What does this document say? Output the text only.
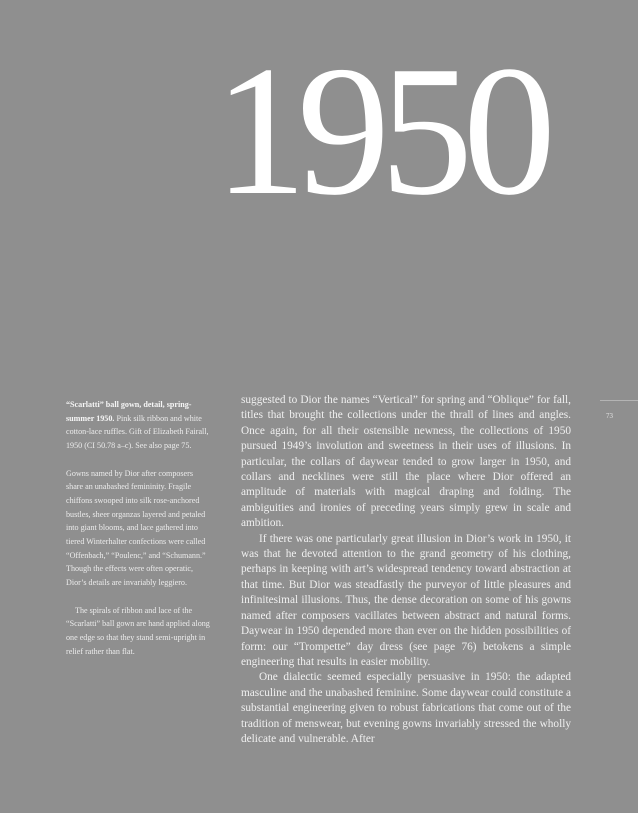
1950

“Scarlatti” ball gown, detail, spring-summer 1950. Pink silk ribbon and white cotton-lace ruffles. Gift of Elizabeth Fairall, 1950 (CI 50.78 a–c). See also page 75.

Gowns named by Dior after composers share an unabashed femininity. Fragile chiffons swooped into silk rose-anchored bustles, sheer organzas layered and petaled into giant blooms, and lace gathered into tiered Winterhalter confections were called “Offenbach,” “Poulenc,” and “Schumann.” Though the effects were often operatic, Dior’s details are invariably leggiero.

The spirals of ribbon and lace of the “Scarlatti” ball gown are hand applied along one edge so that they stand semi-upright in relief rather than flat.

suggested to Dior the names “Vertical” for spring and “Oblique” for fall, titles that brought the collections under the thrall of lines and angles. Once again, for all their ostensible newness, the collections of 1950 pursued 1949’s involution and sweetness in their uses of illusions. In particular, the collars of daywear tended to grow larger in 1950, and collars and necklines were still the place where Dior offered an amplitude of materials with magical draping and folding. The ambiguities and ironies of preceding years simply grew in scale and ambition.

If there was one particularly great illusion in Dior’s work in 1950, it was that he devoted attention to the grand geometry of his clothing, perhaps in keeping with art’s widespread tendency toward abstraction at that time. But Dior was steadfastly the purveyor of little pleasures and infinitesimal illusions. Thus, the dense decoration on some of his gowns named after composers vacillates between abstract and natural forms. Daywear in 1950 depended more than ever on the hidden possibilities of form: our “Trompette” day dress (see page 76) betokens a simple engineering that results in easier mobility.

One dialectic seemed especially persuasive in 1950: the adapted masculine and the unabashed feminine. Some daywear could constitute a substantial engineering given to robust fabrications that come out of the tradition of menswear, but evening gowns invariably stressed the wholly delicate and vulnerable. After

73
